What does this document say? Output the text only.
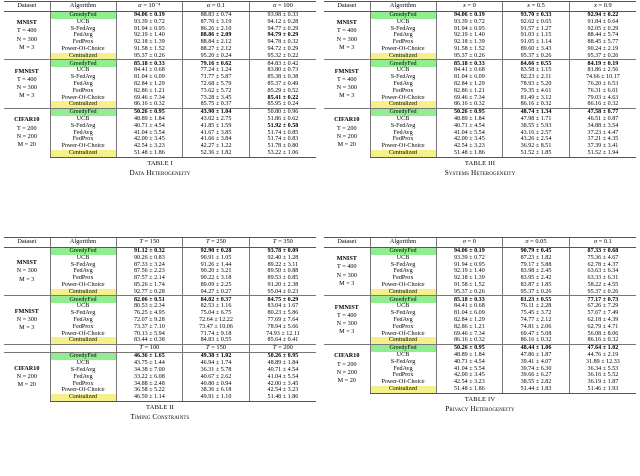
Dataset	Algorithm	α = 10⁻⁴	α = 0.1	α = 100

MNIST
T = 400
N = 300
M = 3	GreedyFed	94.06 ± 0.19	88.83 ± 0.74	93.98 ± 0.33
	UCB	93.39 ± 0.72	87.70 ± 3.19	94.12 ± 0.28
	S-FedAvg	91.94 ± 0.95	86.26 ± 2.10	94.77 ± 0.29
	FedAvg	92.19 ± 1.40	88.86 ± 2.09	94.79 ± 0.29
	FedProx	92.18 ± 1.39	88.84 ± 2.12	94.78 ± 0.32
	Power-Of-Choice	91.58 ± 1.52	88.27 ± 2.12	94.72 ± 0.29
	Centralized	95.37 ± 0.26	95.20 ± 0.24	95.32 ± 0.22

FMNIST
T = 400
N = 300
M = 3	GreedyFed	85.18 ± 0.33	79.16 ± 0.62	84.83 ± 0.42
	UCB	84.41 ± 0.68	77.24 ± 1.24	83.80 ± 0.73
	S-FedAvg	81.04 ± 6.09	71.77 ± 5.87	85.38 ± 0.38
	FedAvg	82.84 ± 1.29	72.68 ± 5.79	85.37 ± 0.49
	FedProx	82.86 ± 1.21	73.62 ± 5.72	85.29 ± 0.52
	Power-Of-Choice	69.46 ± 7.34	73.28 ± 3.45	85.41 ± 0.22
	Centralized	86.16 ± 0.32	85.75 ± 0.37	85.95 ± 0.24

CIFAR10
T = 200
N = 200
M = 20	GreedyFed	50.26 ± 0.95	43.90 ± 1.04	50.80 ± 0.96
	UCB	48.89 ± 1.84	43.02 ± 2.75	51.86 ± 0.62
	S-FedAvg	40.71 ± 4.54	41.85 ± 1.59	51.92 ± 0.58
	FedAvg	41.04 ± 5.54	41.67 ± 3.85	51.74 ± 0.85
	FedProx	42.00 ± 3.45	41.66 ± 3.84	51.74 ± 0.83
	Power-Of-Choice	42.54 ± 3.23	42.27 ± 1.22	51.78 ± 0.80
	Centralized	51.48 ± 1.86	52.36 ± 1.82	53.22 ± 1.06
TABLE I
Data Heterogeneity
Dataset	Algorithm	x = 0	x = 0.5	x = 0.9

MNIST
T = 400
N = 300
M = 3	GreedyFed	94.06 ± 0.19	93.70 ± 0.33	92.94 ± 0.22
	UCB	93.39 ± 0.72	92.62 ± 0.65	91.84 ± 0.64
	S-FedAvg	91.94 ± 0.95	91.57 ± 1.27	92.05 ± 0.29
	FedAvg	92.19 ± 1.40	91.03 ± 1.15	88.44 ± 5.74
	FedProx	92.18 ± 1.39	91.05 ± 1.14	88.45 ± 5.77
	Power-Of-Choice	91.58 ± 1.52	89.60 ± 3.43	90.24 ± 2.19
	Centralized	95.37 ± 0.26	95.37 ± 0.26	95.37 ± 0.26

FMNIST
T = 400
N = 300
M = 3	GreedyFed	85.18 ± 0.33	84.66 ± 0.55	84.19 ± 0.19
	UCB	84.41 ± 0.68	83.58 ± 1.15	81.86 ± 2.56
	S-FedAvg	81.04 ± 6.09	82.23 ± 2.11	74.66 ± 10.17
	FedAvg	82.84 ± 1.29	78.93 ± 5.20	76.20 ± 6.53
	FedProx	82.86 ± 1.21	79.35 ± 4.61	76.31 ± 6.01
	Power-Of-Choice	69.46 ± 7.34	81.49 ± 3.12	79.03 ± 4.63
	Centralized	86.16 ± 0.32	86.16 ± 0.32	86.16 ± 0.32

CIFAR10
T = 200
N = 200
M = 20	GreedyFed	50.26 ± 0.95	48.74 ± 1.34	47.58 ± 0.77
	UCB	48.89 ± 1.84	47.98 ± 1.71	46.51 ± 0.87
	S-FedAvg	40.71 ± 4.54	38.55 ± 5.93	34.88 ± 3.54
	FedAvg	41.04 ± 5.54	43.16 ± 2.57	37.23 ± 4.47
	FedProx	42.00 ± 3.45	43.26 ± 2.54	37.21 ± 4.35
	Power-Of-Choice	42.54 ± 3.23	36.92 ± 8.51	37.39 ± 3.41
	Centralized	51.48 ± 1.86	51.52 ± 1.85	51.52 ± 1.94
TABLE III
Systems Heterogeneity
Dataset	Algorithm	T = 150	T = 250	T = 350

MNIST
N = 300
M = 3	GreedyFed	91.12 ± 0.32	92.90 ± 0.28	93.78 ± 0.09
	UCB	90.26 ± 0.83	90.91 ± 1.05	92.40 ± 1.28
	S-FedAvg	87.33 ± 3.24	91.26 ± 1.44	89.22 ± 3.11
	FedAvg	87.56 ± 2.23	90.20 ± 3.21	89.50 ± 0.88
	FedProx	87.57 ± 2.14	90.22 ± 3.18	89.53 ± 0.85
	Power-Of-Choice	85.26 ± 1.74	89.09 ± 2.25	91.20 ± 2.38
	Centralized	92.77 ± 0.28	94.27 ± 0.27	95.04 ± 0.23

FMNIST
N = 300
M = 3	GreedyFed	82.06 ± 0.51	84.02 ± 0.37	84.75 ± 0.29
	UCB	80.53 ± 2.34	82.53 ± 1.16	83.04 ± 1.67
	S-FedAvg	76.25 ± 4.95	75.04 ± 6.75	80.23 ± 5.86
	FedAvg	72.07 ± 9.28	72.64 ± 12.22	77.69 ± 7.64
	FedProx	73.37 ± 7.10	73.47 ± 10.06	78.94 ± 5.66
	Power-Of-Choice	70.13 ± 5.94	71.74 ± 9.18	74.93 ± 12.11
	Centralized	83.44 ± 0.38	84.83 ± 0.55	85.64 ± 0.41
		T = 100	T = 150	T = 200

CIFAR10
N = 200
M = 20	GreedyFed	46.36 ± 1.65	49.38 ± 1.02	50.26 ± 0.95
	UCB	43.75 ± 1.44	46.94 ± 1.74	48.89 ± 1.84
	S-FedAvg	34.38 ± 7.00	36.31 ± 5.78	40.71 ± 4.54
	FedAvg	33.22 ± 6.08	40.67 ± 2.62	41.04 ± 5.54
	FedProx	34.88 ± 2.48	40.80 ± 0.94	42.00 ± 3.45
	Power-Of-Choice	36.58 ± 5.22	38.36 ± 6.18	42.54 ± 3.23
	Centralized	46.59 ± 1.14	49.91 ± 1.10	51.48 ± 1.86
TABLE II
Timing Constraints
Dataset	Algorithm	σ = 0	σ = 0.05	σ = 0.1

MNIST
T = 400
N = 300
M = 3	GreedyFed	94.06 ± 0.19	90.79 ± 0.45	87.33 ± 0.68
	UCB	93.39 ± 0.72	87.23 ± 1.82	75.36 ± 4.67
	S-FedAvg	91.94 ± 0.95	79.17 ± 5.88	62.78 ± 4.37
	FedAvg	92.19 ± 1.40	83.98 ± 2.45	63.63 ± 6.34
	FedProx	92.18 ± 1.39	83.95 ± 2.42	63.33 ± 6.31
	Power-Of-Choice	91.58 ± 1.52	83.87 ± 1.85	58.22 ± 4.55
	Centralized	95.37 ± 0.26	95.37 ± 0.26	95.37 ± 0.26

FMNIST
T = 400
N = 300
M = 3	GreedyFed	85.18 ± 0.33	81.23 ± 0.55	77.17 ± 0.73
	UCB	84.41 ± 0.68	76.11 ± 2.28	67.26 ± 7.29
	S-FedAvg	81.04 ± 6.09	75.45 ± 3.72	57.67 ± 7.49
	FedAvg	82.84 ± 1.29	74.77 ± 2.12	62.18 ± 4.39
	FedProx	82.86 ± 1.21	74.81 ± 2.06	62.79 ± 4.71
	Power-Of-Choice	69.46 ± 7.34	69.47 ± 5.08	56.08 ± 8.06
	Centralized	86.16 ± 0.32	86.16 ± 0.32	86.16 ± 0.32

CIFAR10
T = 200
N = 200
M = 20	GreedyFed	50.26 ± 0.95	48.44 ± 1.06	47.64 ± 1.02
	UCB	48.89 ± 1.84	47.86 ± 1.87	44.76 ± 2.19
	S-FedAvg	40.71 ± 4.54	39.41 ± 4.07	31.89 ± 12.33
	FedAvg	41.04 ± 5.54	39.74 ± 6.30	36.34 ± 5.53
	FedProx	42.00 ± 3.45	39.66 ± 6.27	36.16 ± 5.52
	Power-Of-Choice	42.54 ± 3.23	38.55 ± 2.82	36.19 ± 1.87
	Centralized	51.48 ± 1.86	51.44 ± 1.83	51.46 ± 1.93
TABLE IV
Privacy Heterogeneity
